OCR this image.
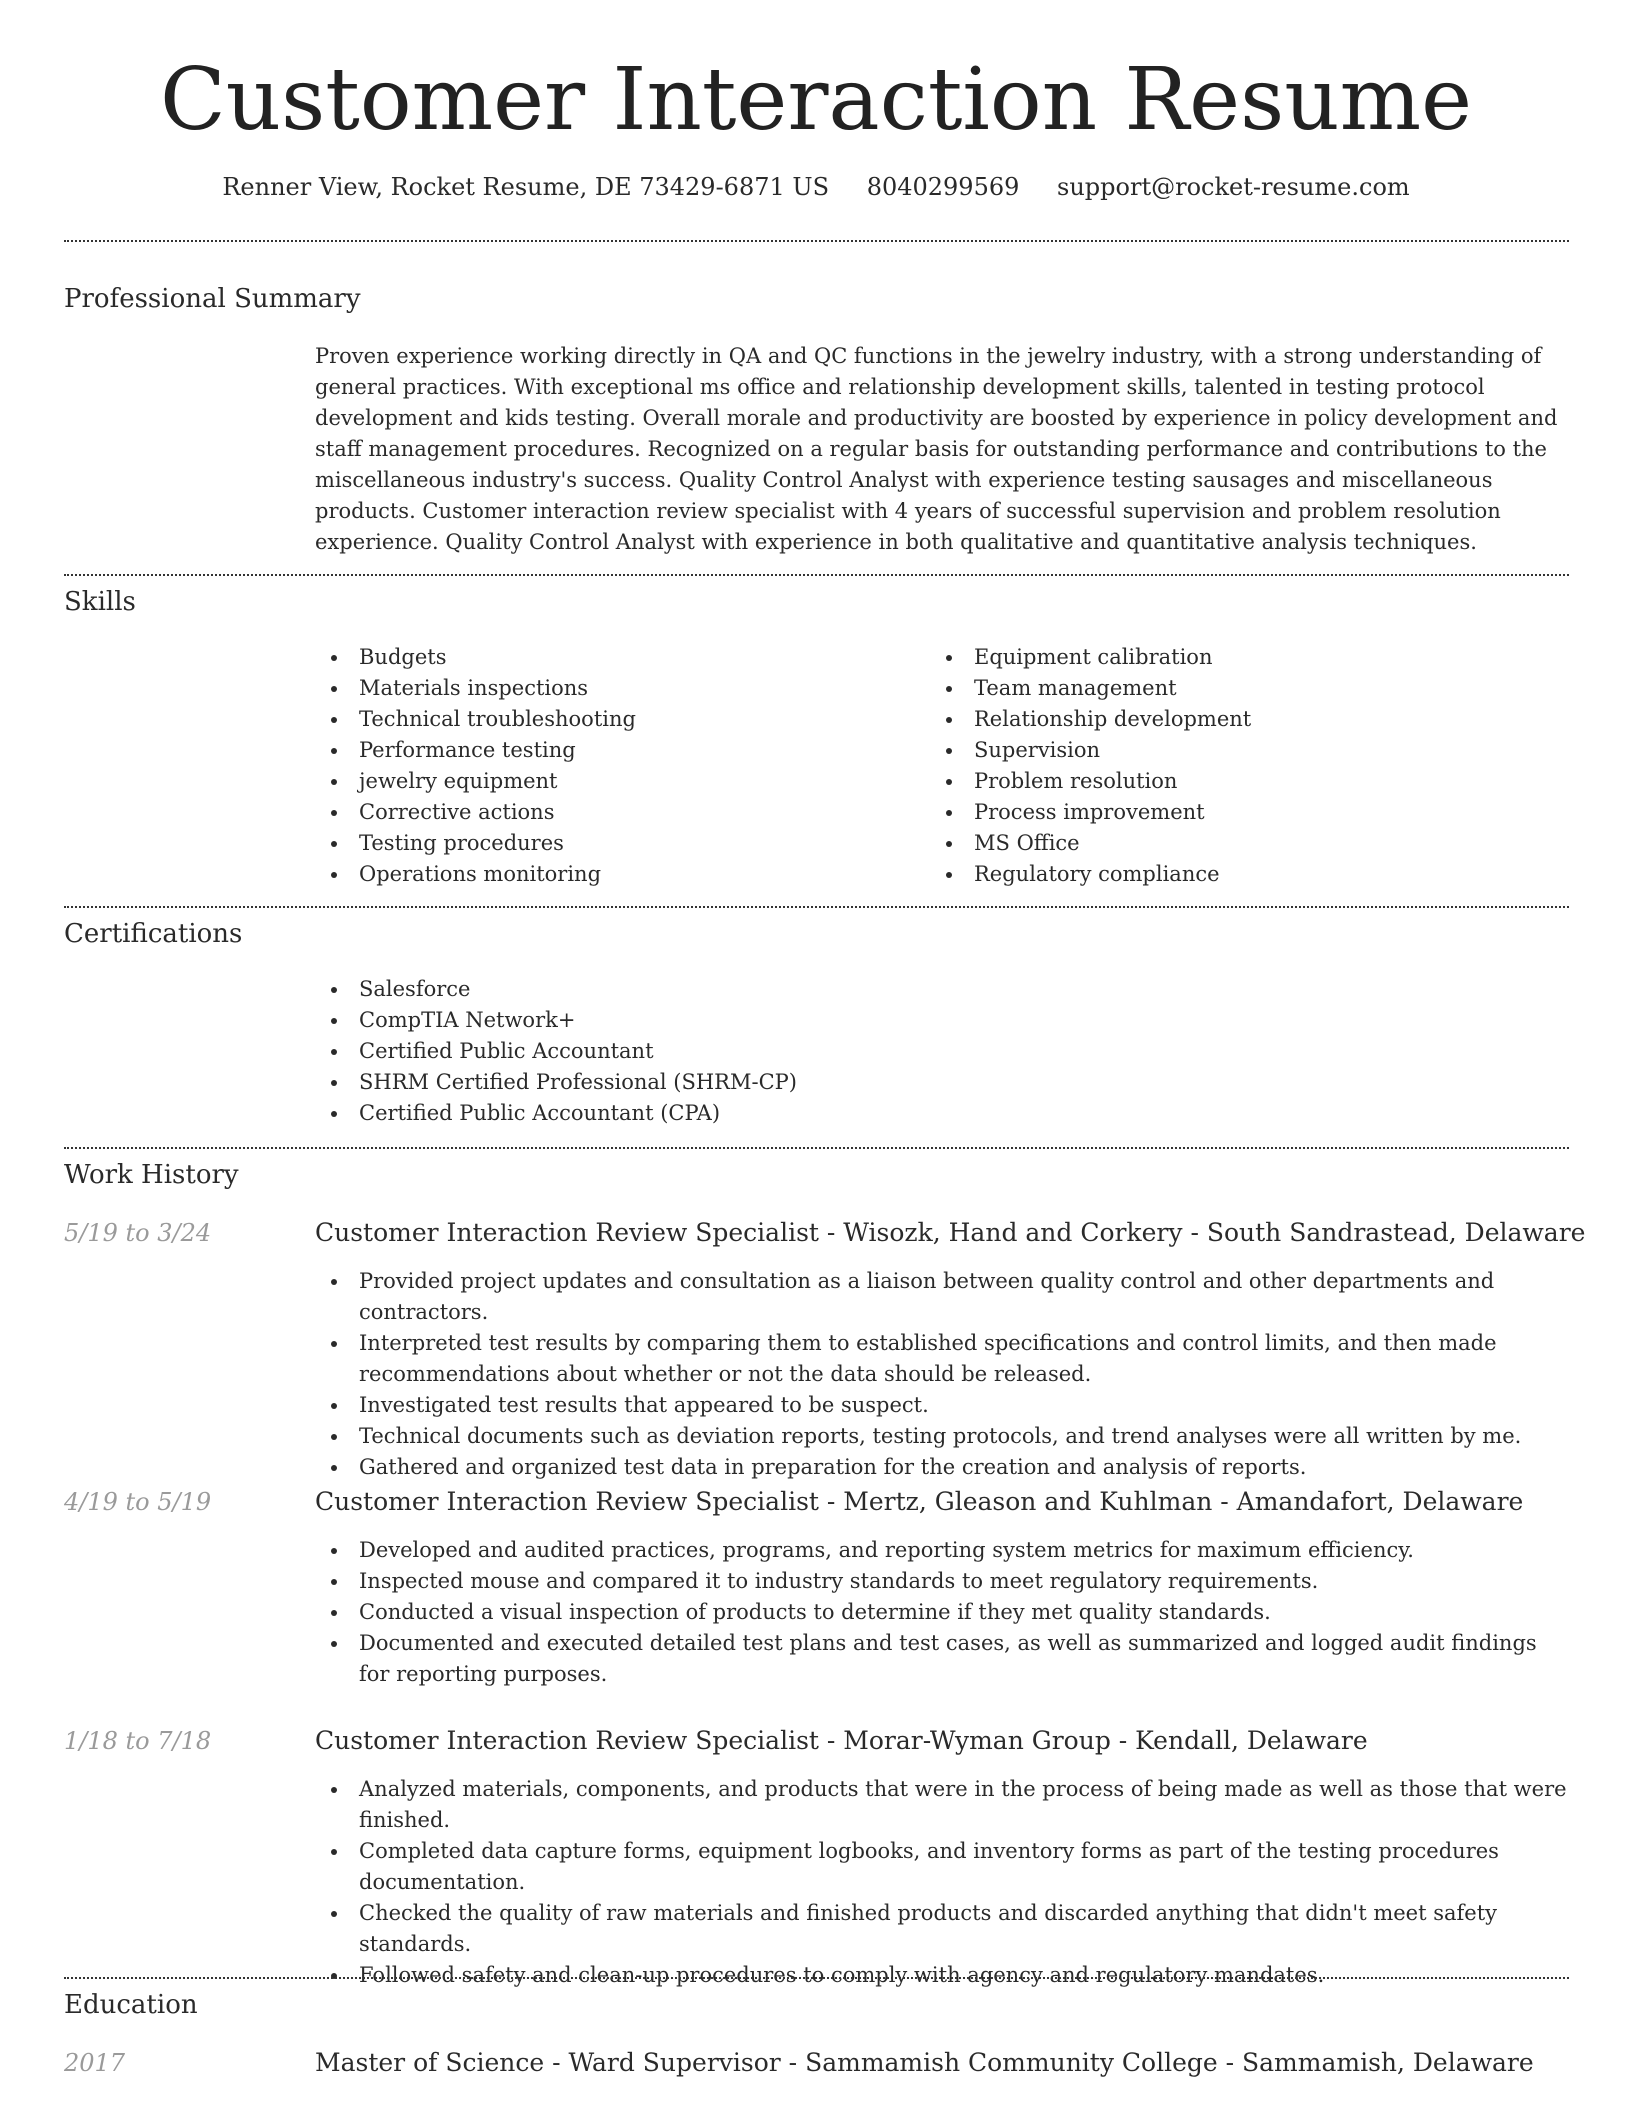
Customer Interaction Resume
Renner View, Rocket Resume, DE 73429-6871 US 8040299569 support@rocket-resume.com
Professional Summary

Proven experience working directly in QA and QC functions in the jewelry industry, with a strong understanding of general practices. With exceptional ms office and relationship development skills, talented in testing protocol development and kids testing. Overall morale and productivity are boosted by experience in policy development and staff management procedures. Recognized on a regular basis for outstanding performance and contributions to the miscellaneous industry's success. Quality Control Analyst with experience testing sausages and miscellaneous products. Customer interaction review specialist with 4 years of successful supervision and problem resolution experience. Quality Control Analyst with experience in both qualitative and quantitative analysis techniques.

Skills
Budgets
Materials inspections
Technical troubleshooting
Performance testing
jewelry equipment
Corrective actions
Testing procedures
Operations monitoring
Equipment calibration
Team management
Relationship development
Supervision
Problem resolution
Process improvement
MS Office
Regulatory compliance
Certifications
Salesforce
CompTIA Network+
Certified Public Accountant
SHRM Certified Professional (SHRM-CP)
Certified Public Accountant (CPA)
Work History
5/19 to 3/24	Customer Interaction Review Specialist - Wisozk, Hand and Corkery - South Sandrastead, Delaware
Provided project updates and consultation as a liaison between quality control and other departments and contractors.
Interpreted test results by comparing them to established specifications and control limits, and then made recommendations about whether or not the data should be released.
Investigated test results that appeared to be suspect.
Technical documents such as deviation reports, testing protocols, and trend analyses were all written by me.
Gathered and organized test data in preparation for the creation and analysis of reports.
4/19 to 5/19	Customer Interaction Review Specialist - Mertz, Gleason and Kuhlman - Amandafort, Delaware
Developed and audited practices, programs, and reporting system metrics for maximum efficiency.
Inspected mouse and compared it to industry standards to meet regulatory requirements.
Conducted a visual inspection of products to determine if they met quality standards.
Documented and executed detailed test plans and test cases, as well as summarized and logged audit findings for reporting purposes.
1/18 to 7/18	Customer Interaction Review Specialist - Morar-Wyman Group - Kendall, Delaware
Analyzed materials, components, and products that were in the process of being made as well as those that were finished.
Completed data capture forms, equipment logbooks, and inventory forms as part of the testing procedures documentation.
Checked the quality of raw materials and finished products and discarded anything that didn't meet safety standards.
Followed safety and clean-up procedures to comply with agency and regulatory mandates.
Education
2017	Master of Science - Ward Supervisor - Sammamish Community College - Sammamish, Delaware
